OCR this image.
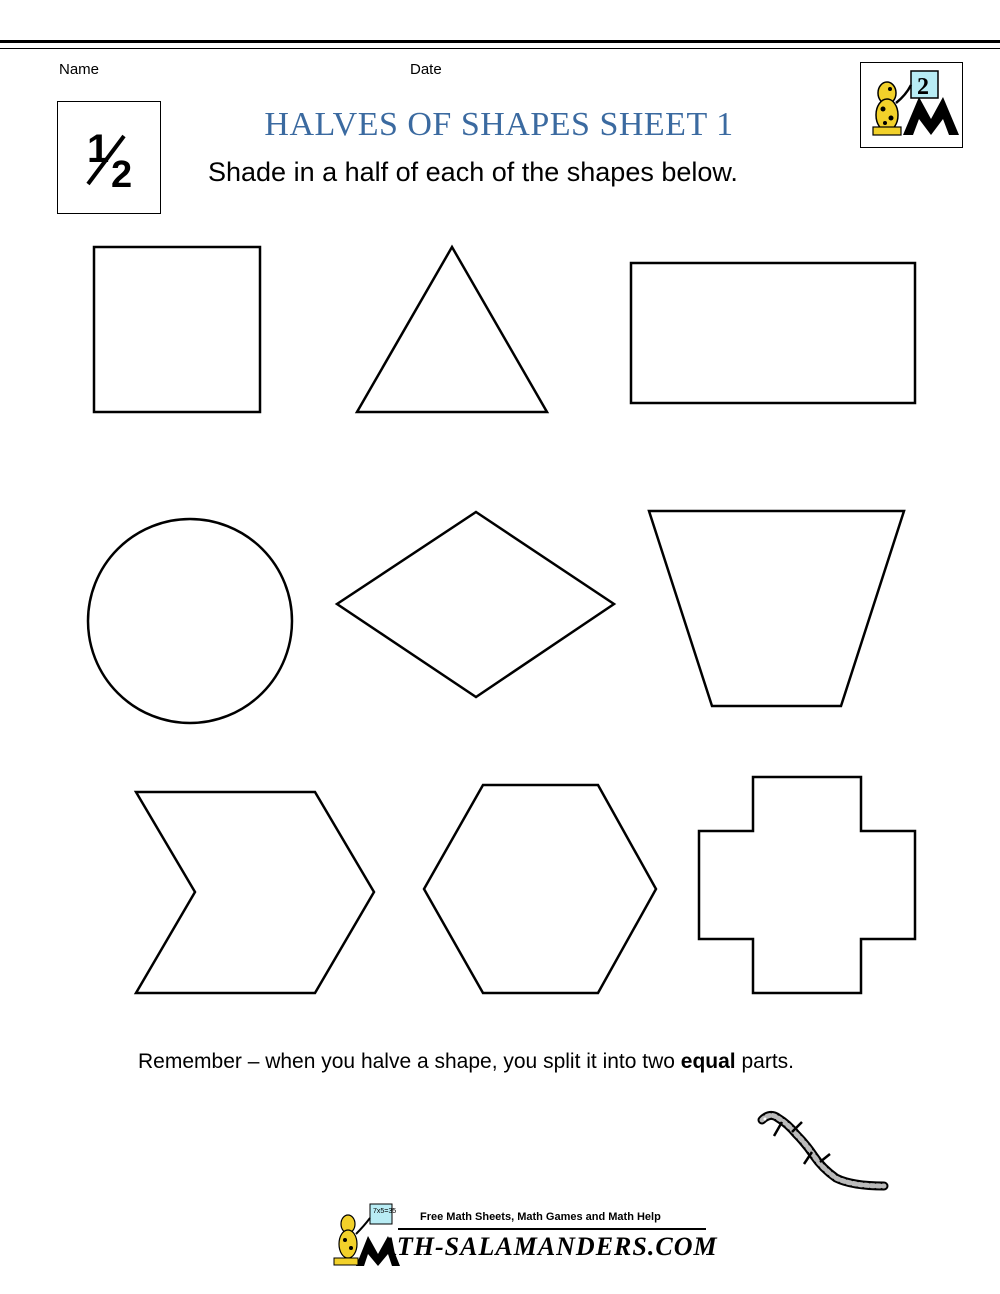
Name	Date
1
2
HALVES OF SHAPES SHEET 1
Shade in a half of each of the shapes below.
2
Remember – when you halve a shape, you split it into two equal parts.
7x5=35 Free Math Sheets, Math Games and Math Help
ATH-SALAMANDERS.COM
